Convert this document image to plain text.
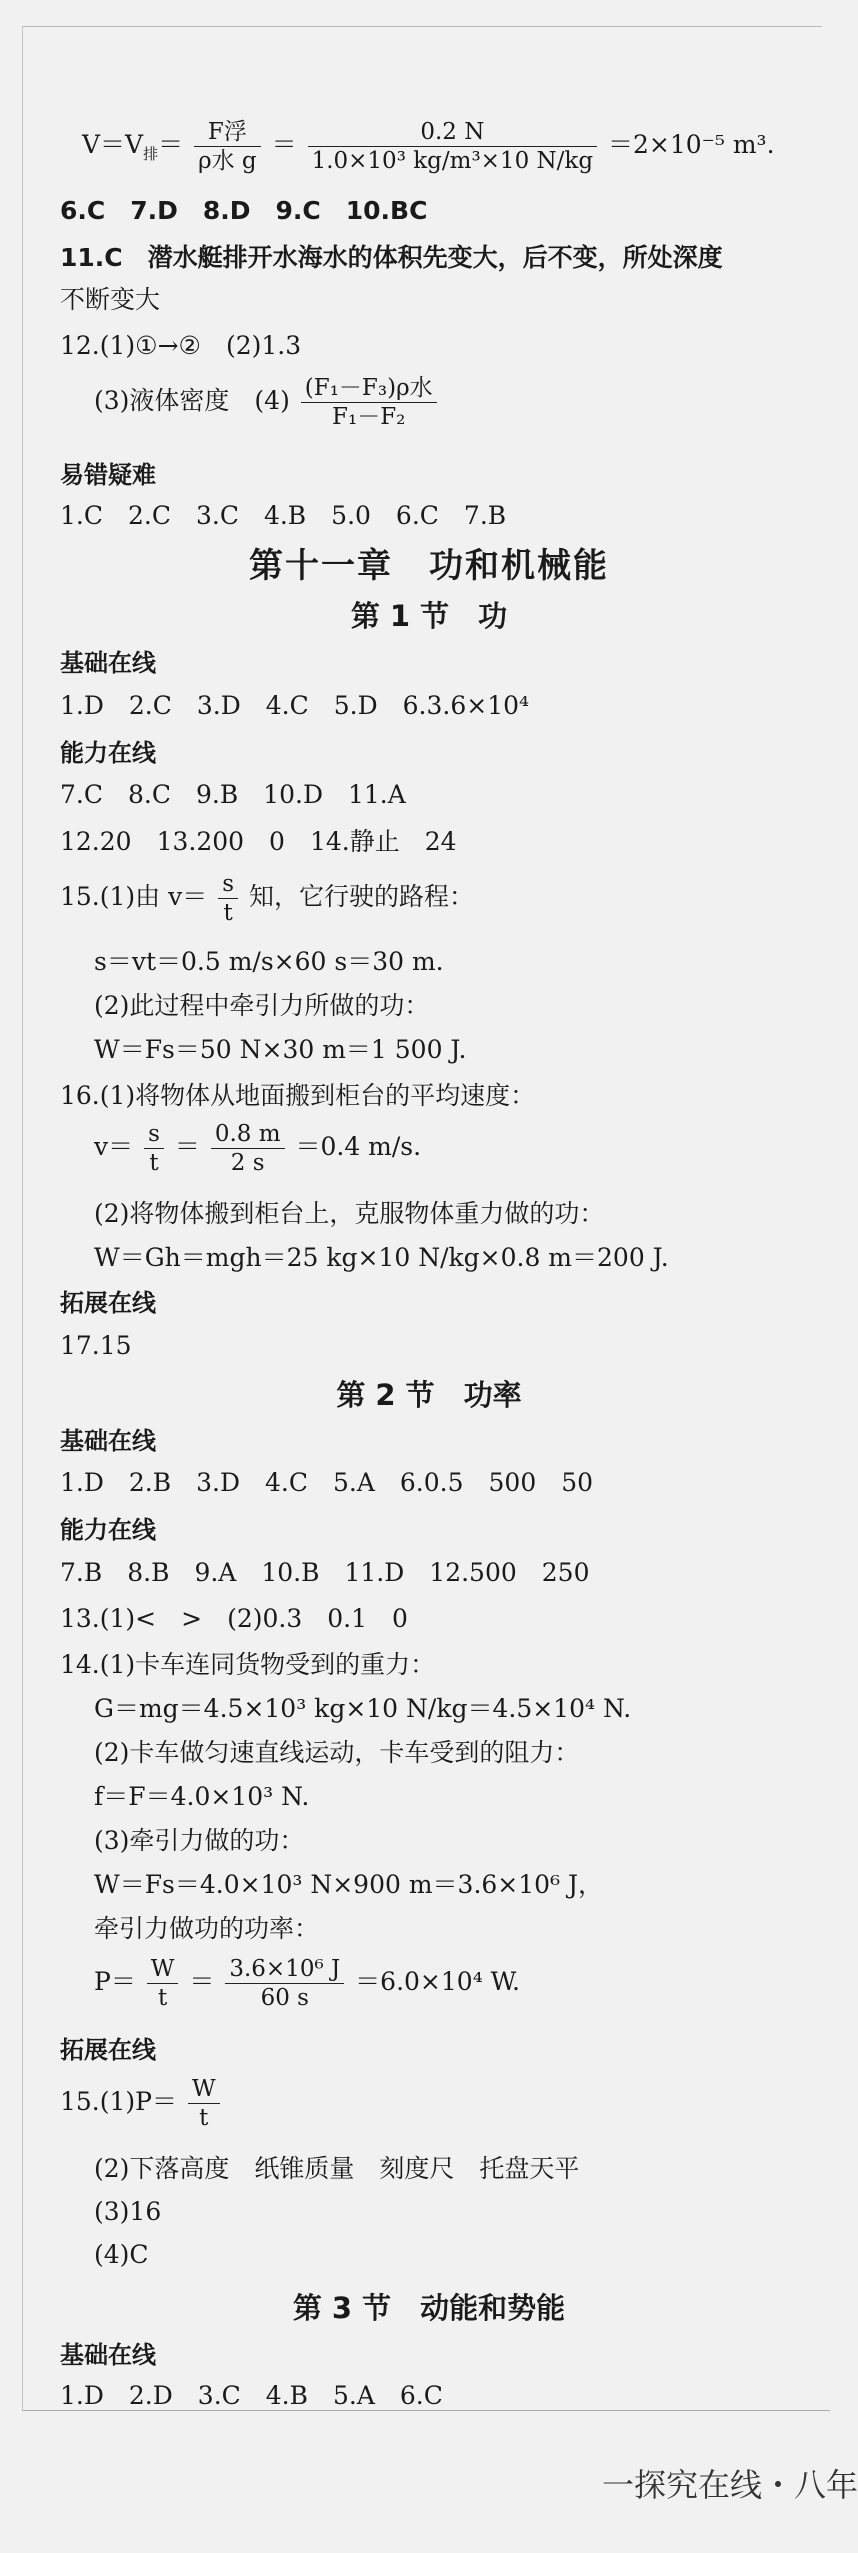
$V=V_排= \frac{\text{F浮}}{\text{ρ水 g}} = \frac{0.2 N}{\text{1.0×10³ kg/m³×10 N/kg}} =2\times 10^{-5}$ m³.
6.C　7.D　8.D　9.C　10.BC
11.C　潜水艇排开水海水的体积先变大，后不变，所处深度
不断变大
12.(1)①→②　(2)1.3
(3)液体密度　$(4) \frac{\text{(F₁－F₃)ρ水}}{\text{F₁－F₂}}$
易错疑难
1.C　2.C　3.C　4.B　5.0　6.C　7.B
第十一章　功和机械能
第 1 节　功
基础在线
1.D　2.C　3.D　4.C　5.D　6.3.6×10⁴
能力在线
7.C　8.C　9.B　10.D　11.A
12.20　13.200　0　14.静止　24
15.(1)由 $v= \frac{s}{t}$ 知，它行驶的路程：
s＝vt＝0.5 m/s×60 s＝30 m.
(2)此过程中牵引力所做的功：
W＝Fs＝50 N×30 m＝1 500 J.
16.(1)将物体从地面搬到柜台的平均速度：
$v= \frac{s}{t} = \frac{0.8 m}{2 s} =0.4$ m/s.
(2)将物体搬到柜台上，克服物体重力做的功：
W＝Gh＝mgh＝25 kg×10 N/kg×0.8 m＝200 J.
拓展在线
17.15
第 2 节　功率
基础在线
1.D　2.B　3.D　4.C　5.A　6.0.5　500　50
能力在线
7.B　8.B　9.A　10.B　11.D　12.500　250
13.(1)<　>　(2)0.3　0.1　0
14.(1)卡车连同货物受到的重力：
G＝mg＝4.5×10³ kg×10 N/kg＝4.5×10⁴ N.
(2)卡车做匀速直线运动，卡车受到的阻力：
f＝F＝4.0×10³ N.
(3)牵引力做的功：
W＝Fs＝4.0×10³ N×900 m＝3.6×10⁶ J，
牵引力做功的功率：
$P= \frac{W}{t} = \frac{\text{3.6×10⁶ J}}{60 s} =6.0\times 10^4$ W.
拓展在线
$15.(1)P= \frac{W}{t}$
(2)下落高度　纸锥质量　刻度尺　托盘天平
(3)16
(4)C
第 3 节　动能和势能
基础在线
1.D　2.D　3.C　4.B　5.A　6.C
一探究在线・八年
